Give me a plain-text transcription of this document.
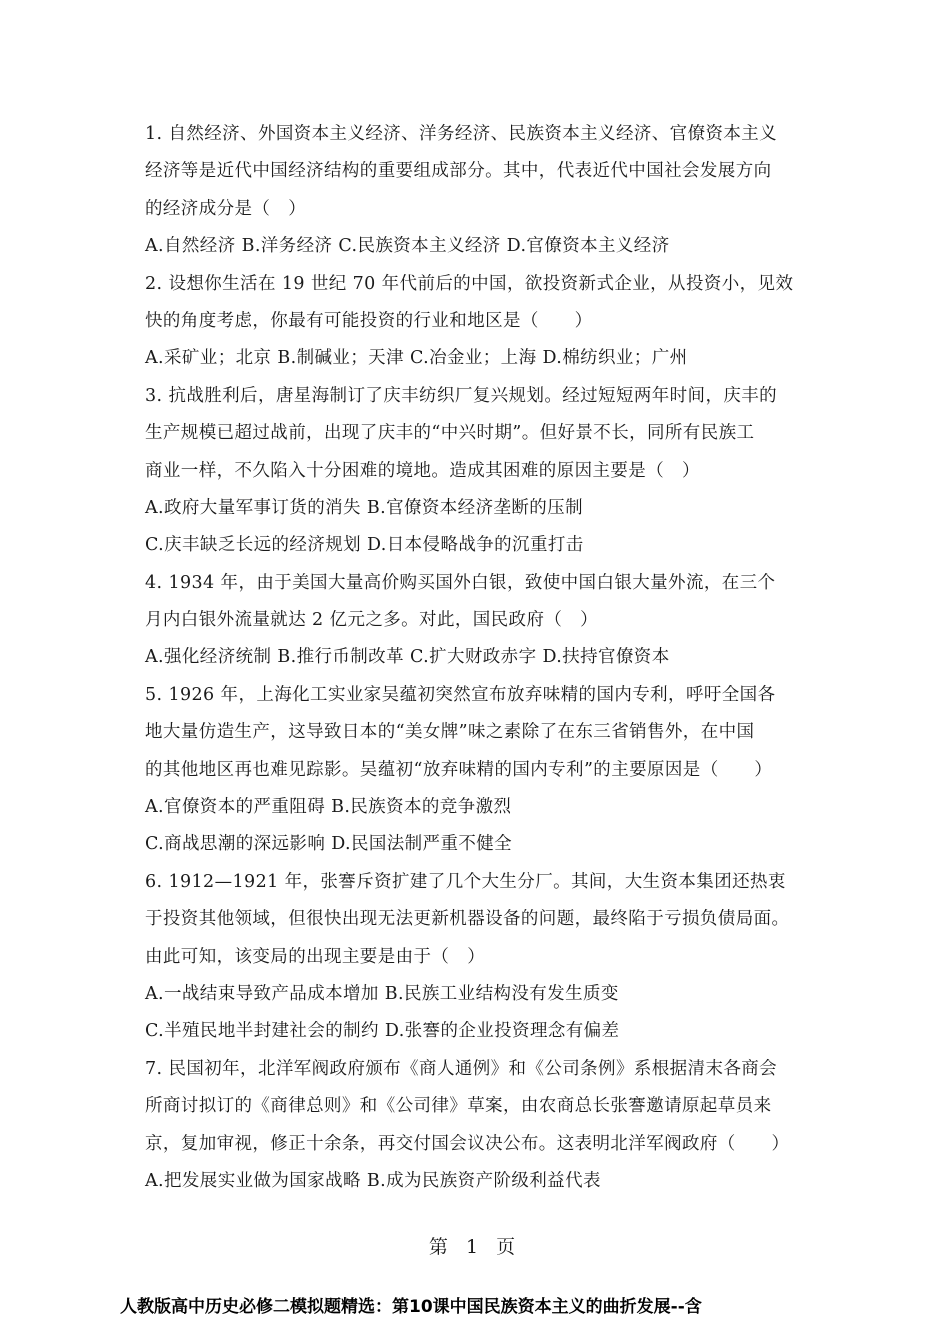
1. 自然经济、外国资本主义经济、洋务经济、民族资本主义经济、官僚资本主义
经济等是近代中国经济结构的重要组成部分。其中，代表近代中国社会发展方向
的经济成分是（　）
A.自然经济 B.洋务经济 C.民族资本主义经济 D.官僚资本主义经济
2. 设想你生活在 19 世纪 70 年代前后的中国，欲投资新式企业，从投资小，见效
快的角度考虑，你最有可能投资的行业和地区是（　　）
A.采矿业；北京 B.制碱业；天津 C.冶金业；上海 D.棉纺织业；广州
3. 抗战胜利后，唐星海制订了庆丰纺织厂复兴规划。经过短短两年时间，庆丰的
生产规模已超过战前，出现了庆丰的“中兴时期”。但好景不长，同所有民族工
商业一样，不久陷入十分困难的境地。造成其困难的原因主要是（　）
A.政府大量军事订货的消失 B.官僚资本经济垄断的压制
C.庆丰缺乏长远的经济规划 D.日本侵略战争的沉重打击
4. 1934 年，由于美国大量高价购买国外白银，致使中国白银大量外流，在三个
月内白银外流量就达 2 亿元之多。对此，国民政府（　）
A.强化经济统制 B.推行币制改革 C.扩大财政赤字 D.扶持官僚资本
5. 1926 年，上海化工实业家吴蕴初突然宣布放弃味精的国内专利，呼吁全国各
地大量仿造生产，这导致日本的“美女牌”味之素除了在东三省销售外，在中国
的其他地区再也难见踪影。吴蕴初“放弃味精的国内专利”的主要原因是（　　）
A.官僚资本的严重阻碍 B.民族资本的竞争激烈
C.商战思潮的深远影响 D.民国法制严重不健全
6. 1912—1921 年，张謇斥资扩建了几个大生分厂。其间，大生资本集团还热衷
于投资其他领域，但很快出现无法更新机器设备的问题，最终陷于亏损负债局面。
由此可知，该变局的出现主要是由于（　）
A.一战结束导致产品成本增加 B.民族工业结构没有发生质变
C.半殖民地半封建社会的制约 D.张謇的企业投资理念有偏差
7. 民国初年，北洋军阀政府颁布《商人通例》和《公司条例》系根据清末各商会
所商讨拟订的《商律总则》和《公司律》草案，由农商总长张謇邀请原起草员来
京，复加审视，修正十余条，再交付国会议决公布。这表明北洋军阀政府（　　）
A.把发展实业做为国家战略 B.成为民族资产阶级利益代表
第 1 页
人教版高中历史必修二模拟题精选：第10课中国民族资本主义的曲折发展--含
